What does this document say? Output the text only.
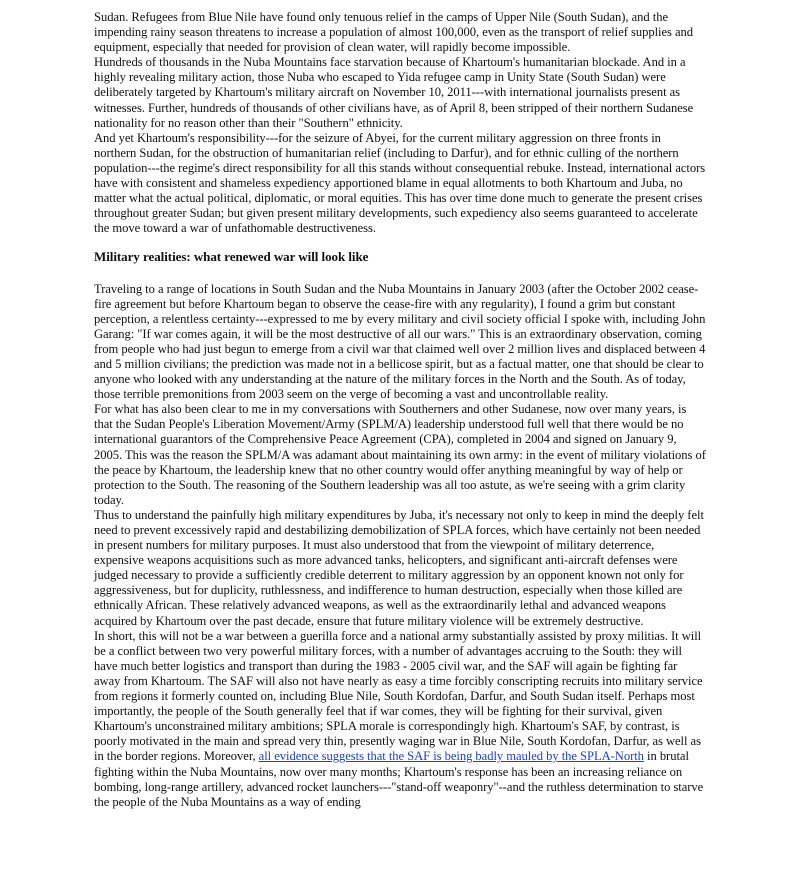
Sudan. Refugees from Blue Nile have found only tenuous relief in the camps of Upper Nile (South Sudan), and the impending rainy season threatens to increase a population of almost 100,000, even as the transport of relief supplies and equipment, especially that needed for provision of clean water, will rapidly become impossible.

Hundreds of thousands in the Nuba Mountains face starvation because of Khartoum's humanitarian blockade. And in a highly revealing military action, those Nuba who escaped to Yida refugee camp in Unity State (South Sudan) were deliberately targeted by Khartoum's military aircraft on November 10, 2011---with international journalists present as witnesses. Further, hundreds of thousands of other civilians have, as of April 8, been stripped of their northern Sudanese nationality for no reason other than their "Southern" ethnicity.

And yet Khartoum's responsibility---for the seizure of Abyei, for the current military aggression on three fronts in northern Sudan, for the obstruction of humanitarian relief (including to Darfur), and for ethnic culling of the northern population---the regime's direct responsibility for all this stands without consequential rebuke. Instead, international actors have with consistent and shameless expediency apportioned blame in equal allotments to both Khartoum and Juba, no matter what the actual political, diplomatic, or moral equities. This has over time done much to generate the present crises throughout greater Sudan; but given present military developments, such expediency also seems guaranteed to accelerate the move toward a war of unfathomable destructiveness.

Military realities: what renewed war will look like

Traveling to a range of locations in South Sudan and the Nuba Mountains in January 2003 (after the October 2002 cease-fire agreement but before Khartoum began to observe the cease-fire with any regularity), I found a grim but constant perception, a relentless certainty---expressed to me by every military and civil society official I spoke with, including John Garang: "If war comes again, it will be the most destructive of all our wars." This is an extraordinary observation, coming from people who had just begun to emerge from a civil war that claimed well over 2 million lives and displaced between 4 and 5 million civilians; the prediction was made not in a bellicose spirit, but as a factual matter, one that should be clear to anyone who looked with any understanding at the nature of the military forces in the North and the South. As of today, those terrible premonitions from 2003 seem on the verge of becoming a vast and uncontrollable reality.

For what has also been clear to me in my conversations with Southerners and other Sudanese, now over many years, is that the Sudan People's Liberation Movement/Army (SPLM/A) leadership understood full well that there would be no international guarantors of the Comprehensive Peace Agreement (CPA), completed in 2004 and signed on January 9, 2005. This was the reason the SPLM/A was adamant about maintaining its own army: in the event of military violations of the peace by Khartoum, the leadership knew that no other country would offer anything meaningful by way of help or protection to the South. The reasoning of the Southern leadership was all too astute, as we're seeing with a grim clarity today.

Thus to understand the painfully high military expenditures by Juba, it's necessary not only to keep in mind the deeply felt need to prevent excessively rapid and destabilizing demobilization of SPLA forces, which have certainly not been needed in present numbers for military purposes. It must also understood that from the viewpoint of military deterrence, expensive weapons acquisitions such as more advanced tanks, helicopters, and significant anti-aircraft defenses were judged necessary to provide a sufficiently credible deterrent to military aggression by an opponent known not only for aggressiveness, but for duplicity, ruthlessness, and indifference to human destruction, especially when those killed are ethnically African. These relatively advanced weapons, as well as the extraordinarily lethal and advanced weapons acquired by Khartoum over the past decade, ensure that future military violence will be extremely destructive.

In short, this will not be a war between a guerilla force and a national army substantially assisted by proxy militias. It will be a conflict between two very powerful military forces, with a number of advantages accruing to the South: they will have much better logistics and transport than during the 1983 - 2005 civil war, and the SAF will again be fighting far away from Khartoum. The SAF will also not have nearly as easy a time forcibly conscripting recruits into military service from regions it formerly counted on, including Blue Nile, South Kordofan, Darfur, and South Sudan itself. Perhaps most importantly, the people of the South generally feel that if war comes, they will be fighting for their survival, given Khartoum's unconstrained military ambitions; SPLA morale is correspondingly high. Khartoum's SAF, by contrast, is poorly motivated in the main and spread very thin, presently waging war in Blue Nile, South Kordofan, Darfur, as well as in the border regions. Moreover, all evidence suggests that the SAF is being badly mauled by the SPLA-North in brutal fighting within the Nuba Mountains, now over many months; Khartoum's response has been an increasing reliance on bombing, long-range artillery, advanced rocket launchers---"stand-off weaponry"--and the ruthless determination to starve the people of the Nuba Mountains as a way of ending
